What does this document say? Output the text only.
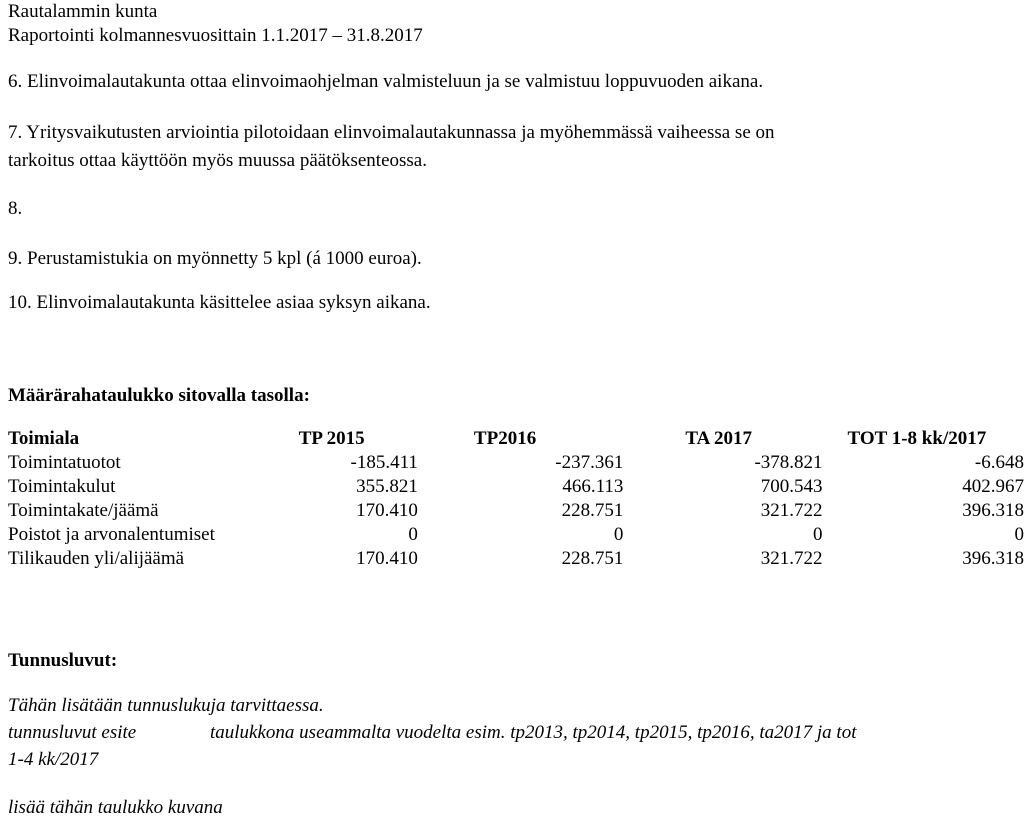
Rautalammin kunta
Raportointi kolmannesvuosittain 1.1.2017 – 31.8.2017
6. Elinvoimalautakunta ottaa elinvoimaohjelman valmisteluun ja se valmistuu loppuvuoden aikana.
7. Yritysvaikutusten arviointia pilotoidaan elinvoimalautakunnassa ja myöhemmässä vaiheessa se on
tarkoitus ottaa käyttöön myös muussa päätöksenteossa.
8.
9. Perustamistukia on myönnetty 5 kpl (á 1000 euroa).
10. Elinvoimalautakunta käsittelee asiaa syksyn aikana.
Määrärahataulukko sitovalla tasolla:
Toimiala	TP 2015	TP2016	TA 2017	TOT 1-8 kk/2017
Toimintatuotot	-185.411	-237.361	-378.821	-6.648
Toimintakulut	355.821	466.113	700.543	402.967
Toimintakate/jäämä	170.410	228.751	321.722	396.318
Poistot ja arvonalentumiset	0	0	0	0
Tilikauden yli/alijäämä	170.410	228.751	321.722	396.318
Tunnusluvut:
Tähän lisätään tunnuslukuja tarvittaessa.
tunnusluvut esite	taulukkona useammalta vuodelta esim. tp2013, tp2014, tp2015, tp2016, ta2017 ja tot
1-4 kk/2017
lisää tähän taulukko kuvana
